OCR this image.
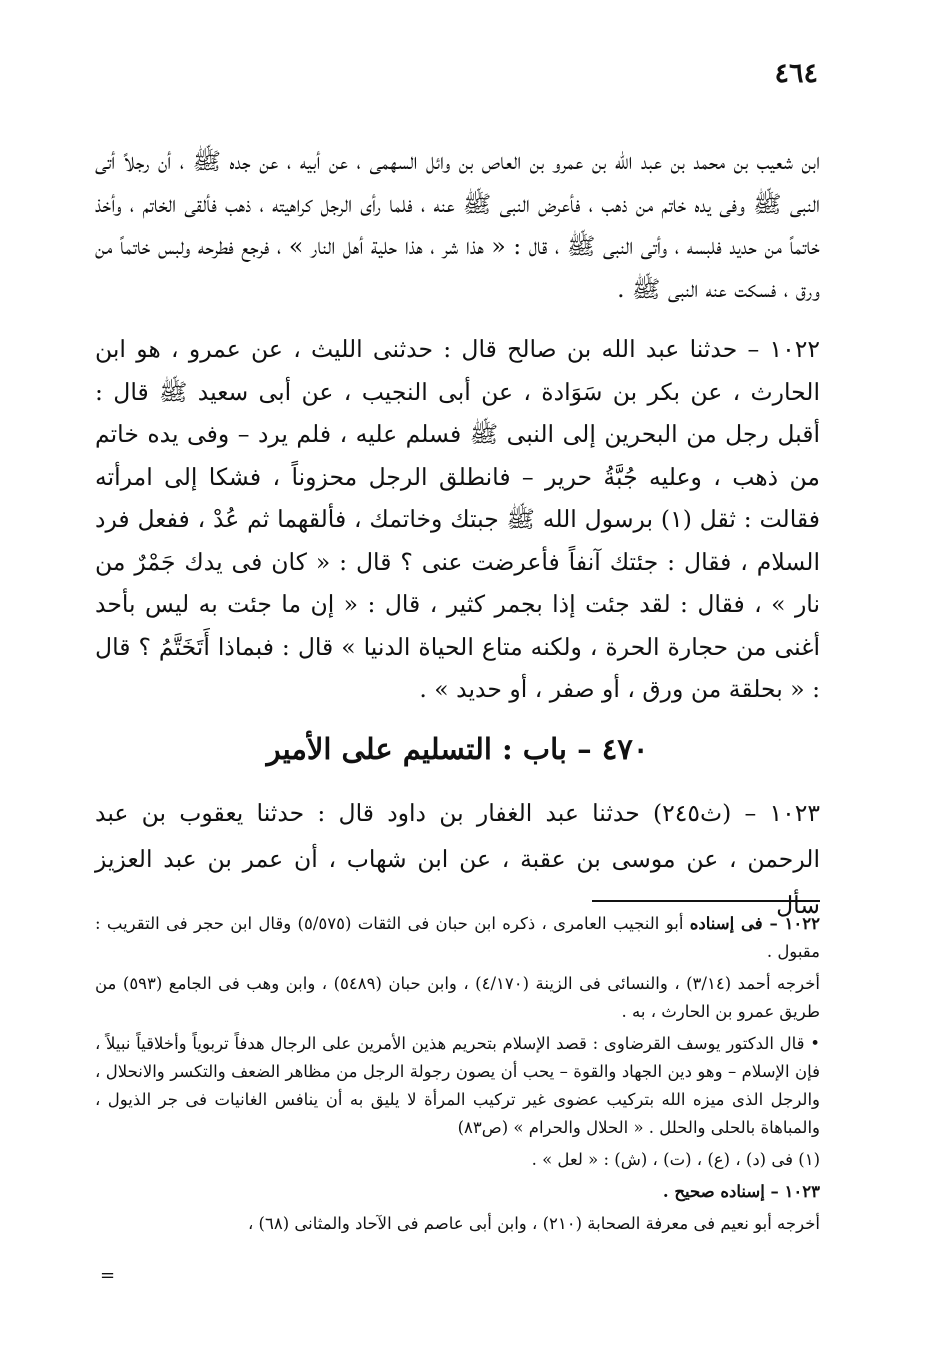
٤٦٤

ابن شعيب بن محمد بن عبد الله بن عمرو بن العاص بن وائل السهمى ، عن أبيه ، عن جده ﷺ ، أن رجلاً أتى النبى ﷺ وفى يده خاتم من ذهب ، فأعرض النبى ﷺ عنه ، فلما رأى الرجل كراهيته ، ذهب فألقى الخاتم ، وأخذ خاتماً من حديد فلبسه ، وأتى النبى ﷺ ، قال : « هذا شر ، هذا حلية أهل النار » ، فرجع فطرحه ولبس خاتماً من ورق ، فسكت عنه النبى ﷺ .

١٠٢٢ – حدثنا عبد الله بن صالح قال : حدثنى الليث ، عن عمرو ، هو ابن الحارث ، عن بكر بن سَوَادة ، عن أبى النجيب ، عن أبى سعيد ﷺ قال : أقبل رجل من البحرين إلى النبى ﷺ فسلم عليه ، فلم يرد – وفى يده خاتم من ذهب ، وعليه جُبَّةُ حرير – فانطلق الرجل محزوناً ، فشكا إلى امرأته فقالت : ثقل (١) برسول الله ﷺ جبتك وخاتمك ، فألقهما ثم عُدْ ، ففعل فرد السلام ، فقال : جئتك آنفاً فأعرضت عنى ؟ قال : « كان فى يدك جَمْرٌ من نار » ، فقال : لقد جئت إذا بجمر كثير ، قال : « إن ما جئت به ليس بأحد أغنى من حجارة الحرة ، ولكنه متاع الحياة الدنيا » قال : فبماذا أَتَخَتَّمُ ؟ قال : « بحلقة من ورق ، أو صفر ، أو حديد » .

٤٧٠ – باب : التسليم على الأمير

١٠٢٣ – (ث٢٤٥) حدثنا عبد الغفار بن داود قال : حدثنا يعقوب بن عبد الرحمن ، عن موسى بن عقبة ، عن ابن شهاب ، أن عمر بن عبد العزيز سأل

١٠٢٢ – فى إسناده أبو النجيب العامرى ، ذكره ابن حبان فى الثقات (٥/٥٧٥) وقال ابن حجر فى التقريب : مقبول .

أخرجه أحمد (٣/١٤) ، والنسائى فى الزينة (٤/١٧٠) ، وابن حبان (٥٤٨٩) ، وابن وهب فى الجامع (٥٩٣) من طريق عمرو بن الحارث ، به .

• قال الدكتور يوسف القرضاوى : قصد الإسلام بتحريم هذين الأمرين على الرجال هدفاً تربوياً وأخلاقياً نبيلاً ، فإن الإسلام – وهو دين الجهاد والقوة – يحب أن يصون رجولة الرجل من مظاهر الضعف والتكسر والانحلال ، والرجل الذى ميزه الله بتركيب عضوى غير تركيب المرأة لا يليق به أن ينافس الغانيات فى جر الذيول ، والمباهاة بالحلى والحلل . « الحلال والحرام » (ص٨٣)

(١) فى (د) ، (ع) ، (ت) ، (ش) : « لعل » .

١٠٢٣ – إسناده صحيح .

أخرجه أبو نعيم فى معرفة الصحابة (٢١٠) ، وابن أبى عاصم فى الآحاد والمثانى (٦٨) ،

=
